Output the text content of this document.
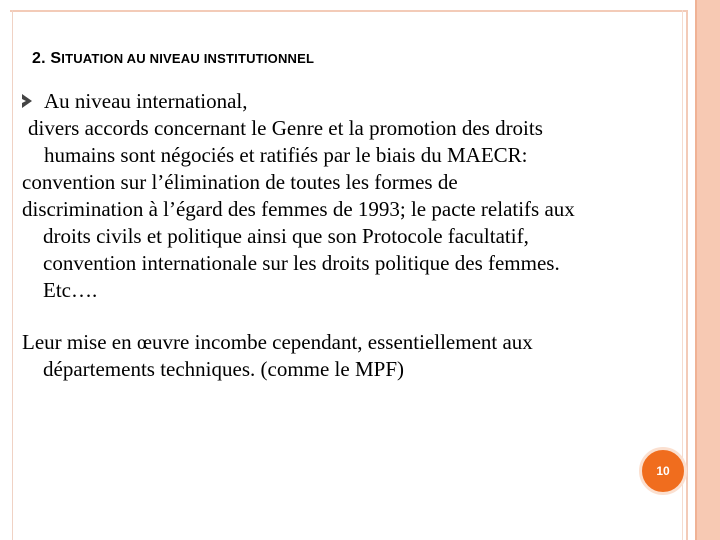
2. SITUATION AU NIVEAU INSTITUTIONNEL
Au niveau international,
divers accords concernant le Genre et la promotion des droits
humains sont négociés et ratifiés par le biais du MAECR:
convention sur l’élimination de toutes les formes de
discrimination à l’égard des femmes de 1993; le pacte relatifs aux
droits civils et politique ainsi que son Protocole facultatif,
convention internationale sur les droits politique des femmes.
Etc….
Leur mise en œuvre incombe cependant, essentiellement aux
départements techniques. (comme le MPF)
10
